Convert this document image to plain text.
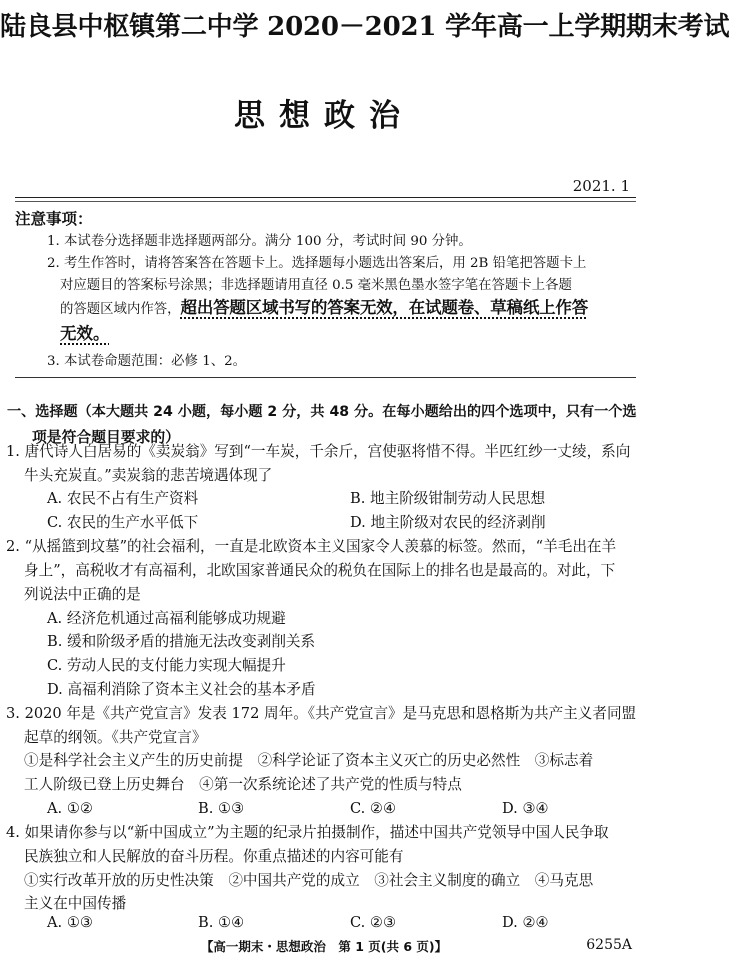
陆良县中枢镇第二中学 2020－2021 学年高一上学期期末考试
思想政治
2021. 1
注意事项：
1. 本试卷分选择题非选择题两部分。满分 100 分，考试时间 90 分钟。
2. 考生作答时，请将答案答在答题卡上。选择题每小题选出答案后，用 2B 铅笔把答题卡上
对应题目的答案标号涂黑；非选择题请用直径 0.5 毫米黑色墨水签字笔在答题卡上各题
的答题区域内作答，超出答题区域书写的答案无效，在试题卷、草稿纸上作答
无效。
3. 本试卷命题范围：必修 1、2。
一、选择题（本大题共 24 小题，每小题 2 分，共 48 分。在每小题给出的四个选项中，只有一个选
项是符合题目要求的）
1. 唐代诗人白居易的《卖炭翁》写到“一车炭，千余斤，宫使驱将惜不得。半匹红纱一丈绫，系向
牛头充炭直。”卖炭翁的悲苦境遇体现了
A. 农民不占有生产资料	B. 地主阶级钳制劳动人民思想
C. 农民的生产水平低下	D. 地主阶级对农民的经济剥削
2. “从摇篮到坟墓”的社会福利，一直是北欧资本主义国家令人羡慕的标签。然而，“羊毛出在羊
身上”，高税收才有高福利，北欧国家普通民众的税负在国际上的排名也是最高的。对此，下
列说法中正确的是
A. 经济危机通过高福利能够成功规避
B. 缓和阶级矛盾的措施无法改变剥削关系
C. 劳动人民的支付能力实现大幅提升
D. 高福利消除了资本主义社会的基本矛盾
3. 2020 年是《共产党宣言》发表 172 周年。《共产党宣言》是马克思和恩格斯为共产主义者同盟
起草的纲领。《共产党宣言》
①是科学社会主义产生的历史前提　②科学论证了资本主义灭亡的历史必然性　③标志着
工人阶级已登上历史舞台　④第一次系统论述了共产党的性质与特点
A. ①②	B. ①③	C. ②④	D. ③④
4. 如果请你参与以“新中国成立”为主题的纪录片拍摄制作，描述中国共产党领导中国人民争取
民族独立和人民解放的奋斗历程。你重点描述的内容可能有
①实行改革开放的历史性决策　②中国共产党的成立　③社会主义制度的确立　④马克思
主义在中国传播
A. ①③	B. ①④	C. ②③	D. ②④
【高一期末・思想政治　第 1 页(共 6 页)】	6255A
